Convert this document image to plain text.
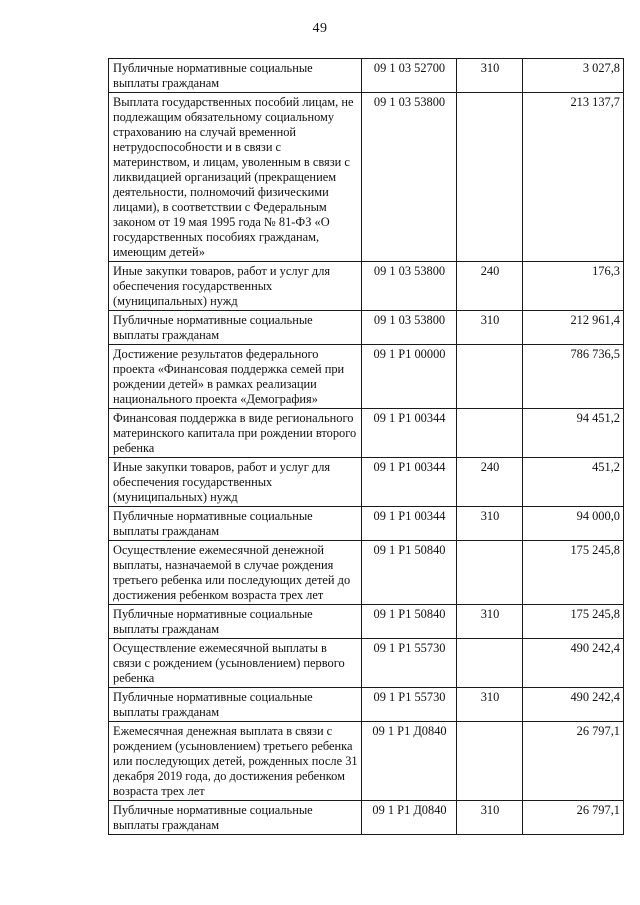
49
Публичные нормативные социальные выплаты гражданам	09 1 03 52700	310	3 027,8
Выплата государственных пособий лицам, не подлежащим обязательному социальному страхованию на случай временной нетрудоспособности и в связи с материнством, и лицам, уволенным в связи с ликвидацией организаций (прекращением деятельности, полномочий физическими лицами), в соответствии с Федеральным законом от 19 мая 1995 года № 81-ФЗ «О государственных пособиях гражданам, имеющим детей»	09 1 03 53800		213 137,7
Иные закупки товаров, работ и услуг для обеспечения государственных (муниципальных) нужд	09 1 03 53800	240	176,3
Публичные нормативные социальные выплаты гражданам	09 1 03 53800	310	212 961,4
Достижение результатов федерального проекта «Финансовая поддержка семей при рождении детей» в рамках реализации национального проекта «Демография»	09 1 P1 00000		786 736,5
Финансовая поддержка в виде регионального материнского капитала при рождении второго ребенка	09 1 P1 00344		94 451,2
Иные закупки товаров, работ и услуг для обеспечения государственных (муниципальных) нужд	09 1 P1 00344	240	451,2
Публичные нормативные социальные выплаты гражданам	09 1 P1 00344	310	94 000,0
Осуществление ежемесячной денежной выплаты, назначаемой в случае рождения третьего ребенка или последующих детей до достижения ребенком возраста трех лет	09 1 P1 50840		175 245,8
Публичные нормативные социальные выплаты гражданам	09 1 P1 50840	310	175 245,8
Осуществление ежемесячной выплаты в связи с рождением (усыновлением) первого ребенка	09 1 P1 55730		490 242,4
Публичные нормативные социальные выплаты гражданам	09 1 P1 55730	310	490 242,4
Ежемесячная денежная выплата в связи с рождением (усыновлением) третьего ребенка или последующих детей, рожденных после 31 декабря 2019 года, до достижения ребенком возраста трех лет	09 1 P1 Д0840		26 797,1
Публичные нормативные социальные выплаты гражданам	09 1 P1 Д0840	310	26 797,1
